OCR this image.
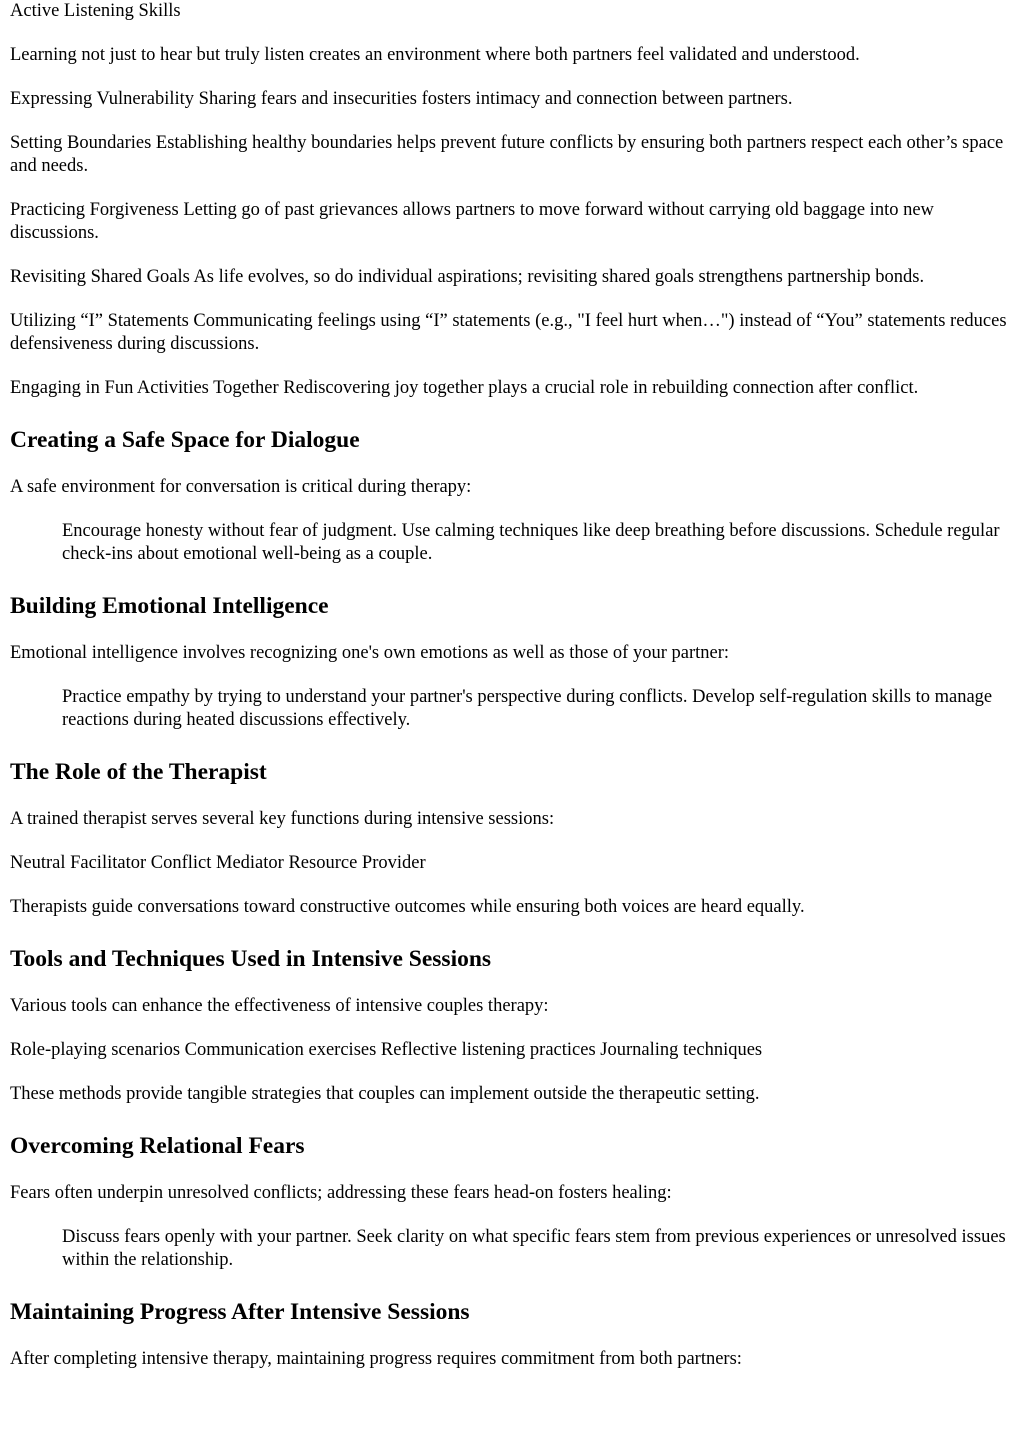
Active Listening Skills

Learning not just to hear but truly listen creates an environment where both partners feel validated and understood.

Expressing Vulnerability Sharing fears and insecurities fosters intimacy and connection between partners.

Setting Boundaries Establishing healthy boundaries helps prevent future conflicts by ensuring both partners respect each other’s space and needs.

Practicing Forgiveness Letting go of past grievances allows partners to move forward without carrying old baggage into new discussions.

Revisiting Shared Goals As life evolves, so do individual aspirations; revisiting shared goals strengthens partnership bonds.

Utilizing “I” Statements Communicating feelings using “I” statements (e.g., "I feel hurt when…") instead of “You” statements reduces defensiveness during discussions.

Engaging in Fun Activities Together Rediscovering joy together plays a crucial role in rebuilding connection after conflict.

Creating a Safe Space for Dialogue

A safe environment for conversation is critical during therapy:

Encourage honesty without fear of judgment. Use calming techniques like deep breathing before discussions. Schedule regular check-ins about emotional well-being as a couple.
Building Emotional Intelligence

Emotional intelligence involves recognizing one's own emotions as well as those of your partner:

Practice empathy by trying to understand your partner's perspective during conflicts. Develop self-regulation skills to manage reactions during heated discussions effectively.
The Role of the Therapist

A trained therapist serves several key functions during intensive sessions:

Neutral Facilitator Conflict Mediator Resource Provider

Therapists guide conversations toward constructive outcomes while ensuring both voices are heard equally.

Tools and Techniques Used in Intensive Sessions

Various tools can enhance the effectiveness of intensive couples therapy:

Role-playing scenarios Communication exercises Reflective listening practices Journaling techniques

These methods provide tangible strategies that couples can implement outside the therapeutic setting.

Overcoming Relational Fears

Fears often underpin unresolved conflicts; addressing these fears head-on fosters healing:

Discuss fears openly with your partner. Seek clarity on what specific fears stem from previous experiences or unresolved issues within the relationship.
Maintaining Progress After Intensive Sessions

After completing intensive therapy, maintaining progress requires commitment from both partners:
